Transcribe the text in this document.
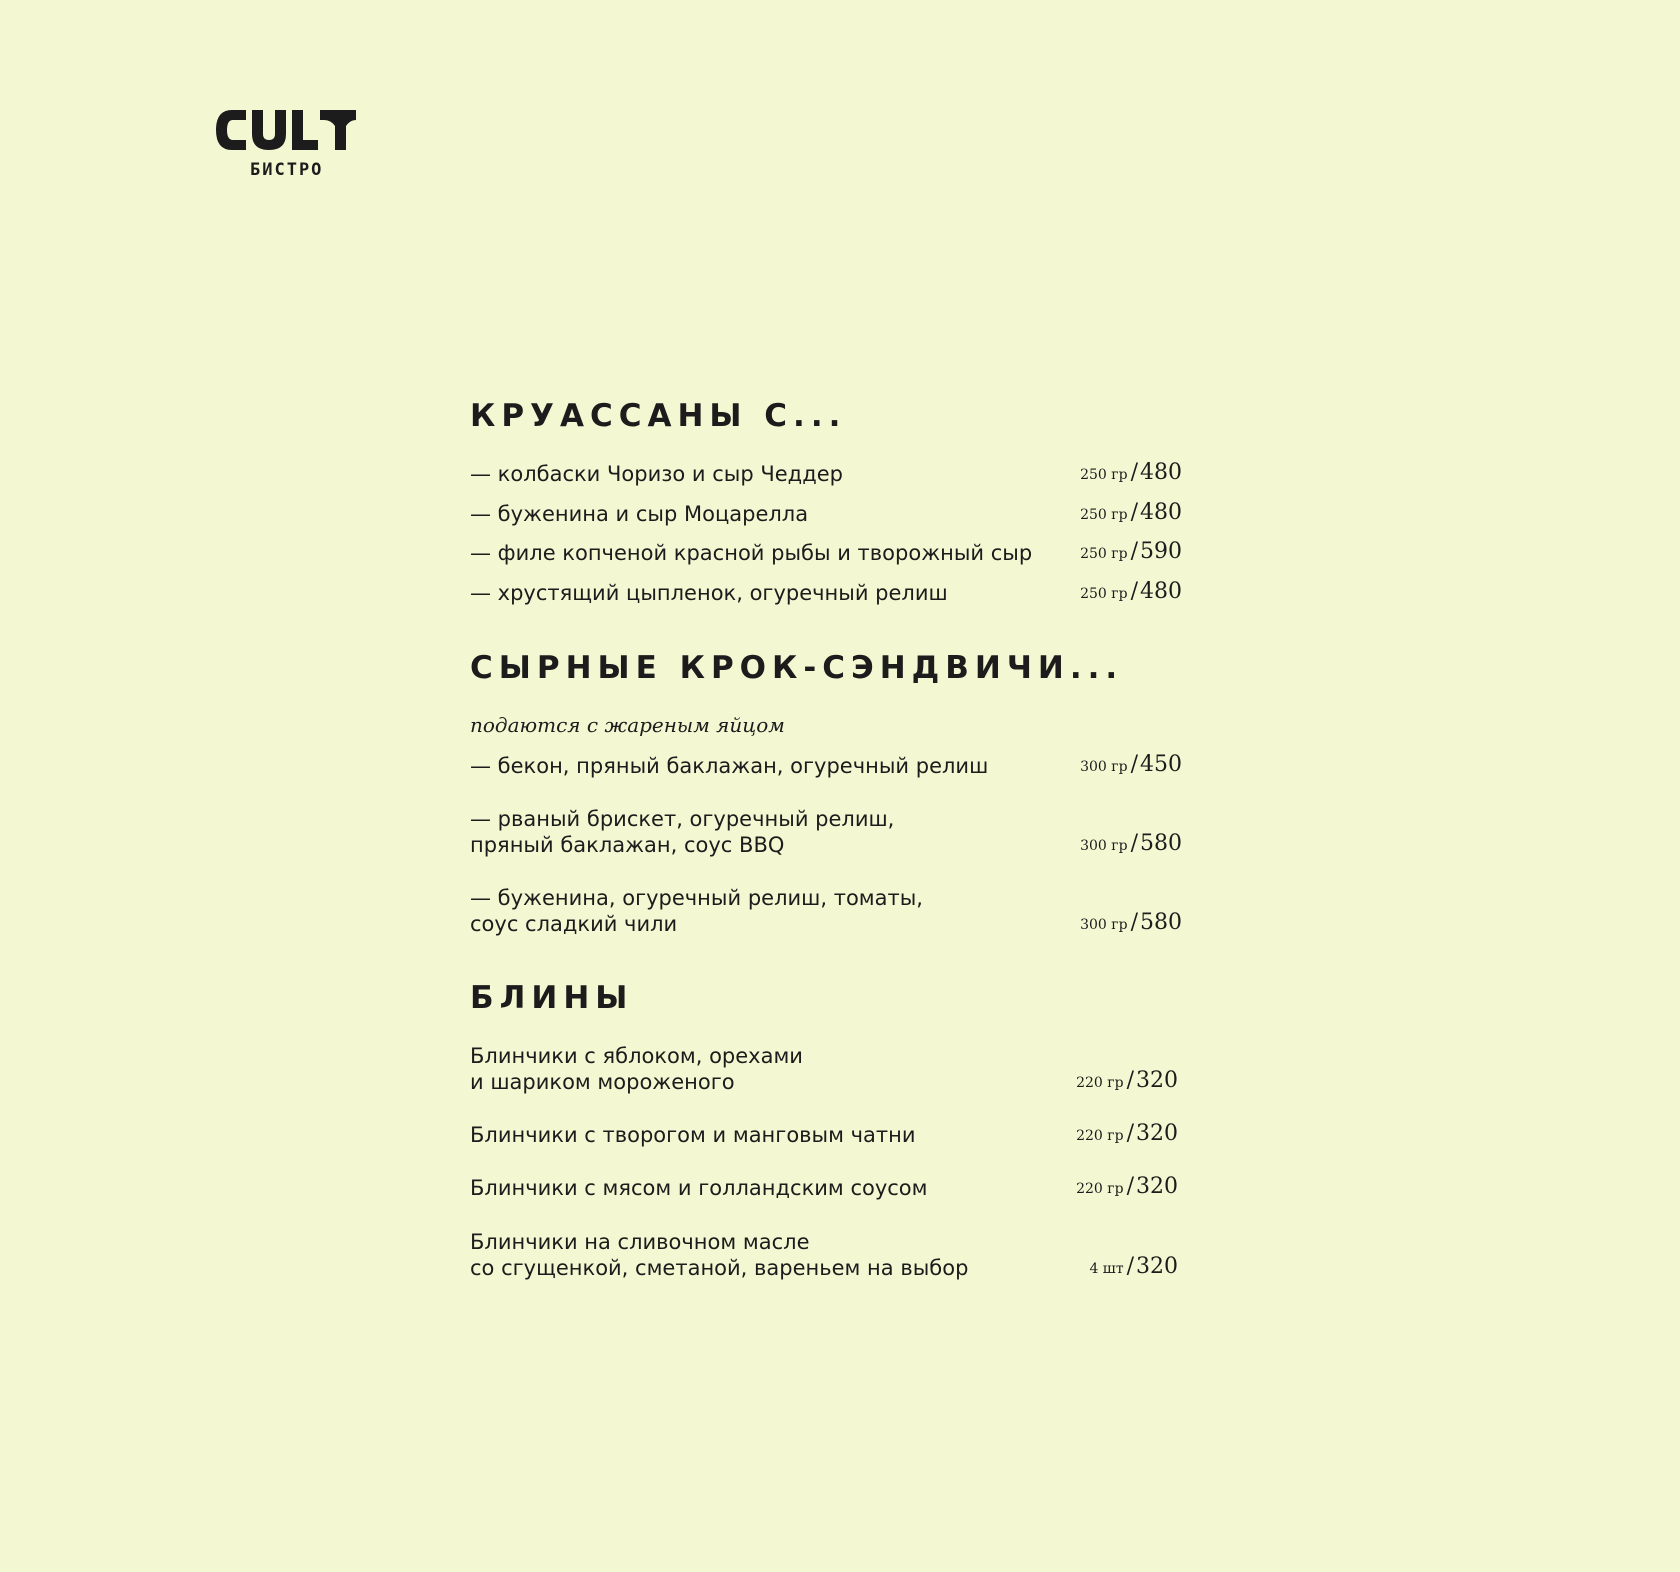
БИСТРО
КРУАССАНЫ С...
— колбаски Чоризо и сыр Чеддер	250 гр /480
— буженина и сыр Моцарелла	250 гр /480
— филе копченой красной рыбы и творожный сыр	250 гр /590
— хрустящий цыпленок, огуречный релиш	250 гр /480
СЫРНЫЕ КРОК-СЭНДВИЧИ...
подаются с жареным яйцом
— бекон, пряный баклажан, огуречный релиш	300 гр /450
— рваный брискет, огуречный релиш,
пряный баклажан, соус BBQ	300 гр /580
— буженина, огуречный релиш, томаты,
соус сладкий чили	300 гр /580
БЛИНЫ
Блинчики с яблоком, орехами
и шариком мороженого	220 гр /320
Блинчики с творогом и манговым чатни	220 гр /320
Блинчики с мясом и голландским соусом	220 гр /320
Блинчики на сливочном масле
со сгущенкой, сметаной, вареньем на выбор	4 шт /320
